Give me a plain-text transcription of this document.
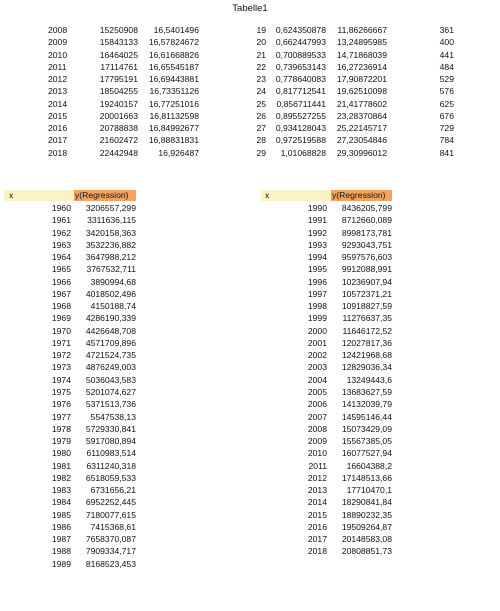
Tabelle1
2008	15250908	16,5401496
2009	15843133	16,57824672
2010	16464025	16,61668826
2011	17114761	16,65545187
2012	17795191	16,69443881
2013	18504255	16,73351126
2014	19240157	16,77251016
2015	20001663	16,81132598
2016	20788838	16,84992677
2017	21602472	16,88831831
2018	22442948	16,926487
19	0,624350878	11,86266667	361
20	0,662447993	13,24895985	400
21	0,700889533	14,71868039	441
22	0,739653143	16,27236914	484
23	0,778640083	17,90872201	529
24	0,817712541	19,62510098	576
25	0,856711441	21,41778602	625
26	0,895527255	23,28370864	676
27	0,934128043	25,22145717	729
28	0,972519588	27,23054846	784
29	1,01068828	29,30996012	841
x	y(Regression)	x	y(Regression)
1960	3206557,299
1961	3311636,115
1962	3420158,363
1963	3532236,882
1964	3647988,212
1965	3767532,711
1966	3890994,68
1967	4018502,496
1968	4150188,74
1969	4286190,339
1970	4426648,708
1971	4571709,896
1972	4721524,735
1973	4876249,003
1974	5036043,583
1975	5201074,627
1976	5371513,736
1977	5547538,13
1978	5729330,841
1979	5917080,894
1980	6110983,514
1981	6311240,318
1982	6518059,533
1983	6731656,21
1984	6952252,445
1985	7180077,615
1986	7415368,61
1987	7658370,087
1988	7909334,717
1989	8168523,453
1990	8436205,799
1991	8712660,089
1992	8998173,781
1993	9293043,751
1994	9597576,603
1995	9912088,991
1996	10236907,94
1997	10572371,21
1998	10918827,59
1999	11276637,35
2000	11646172,52
2001	12027817,36
2002	12421968,68
2003	12829036,34
2004	13249443,6
2005	13683627,59
2006	14132039,79
2007	14595146,44
2008	15073429,09
2009	15567385,05
2010	16077527,94
2011	16604388,2
2012	17148513,66
2013	17710470,1
2014	18290841,84
2015	18890232,35
2016	19509264,87
2017	20148583,08
2018	20808851,73
